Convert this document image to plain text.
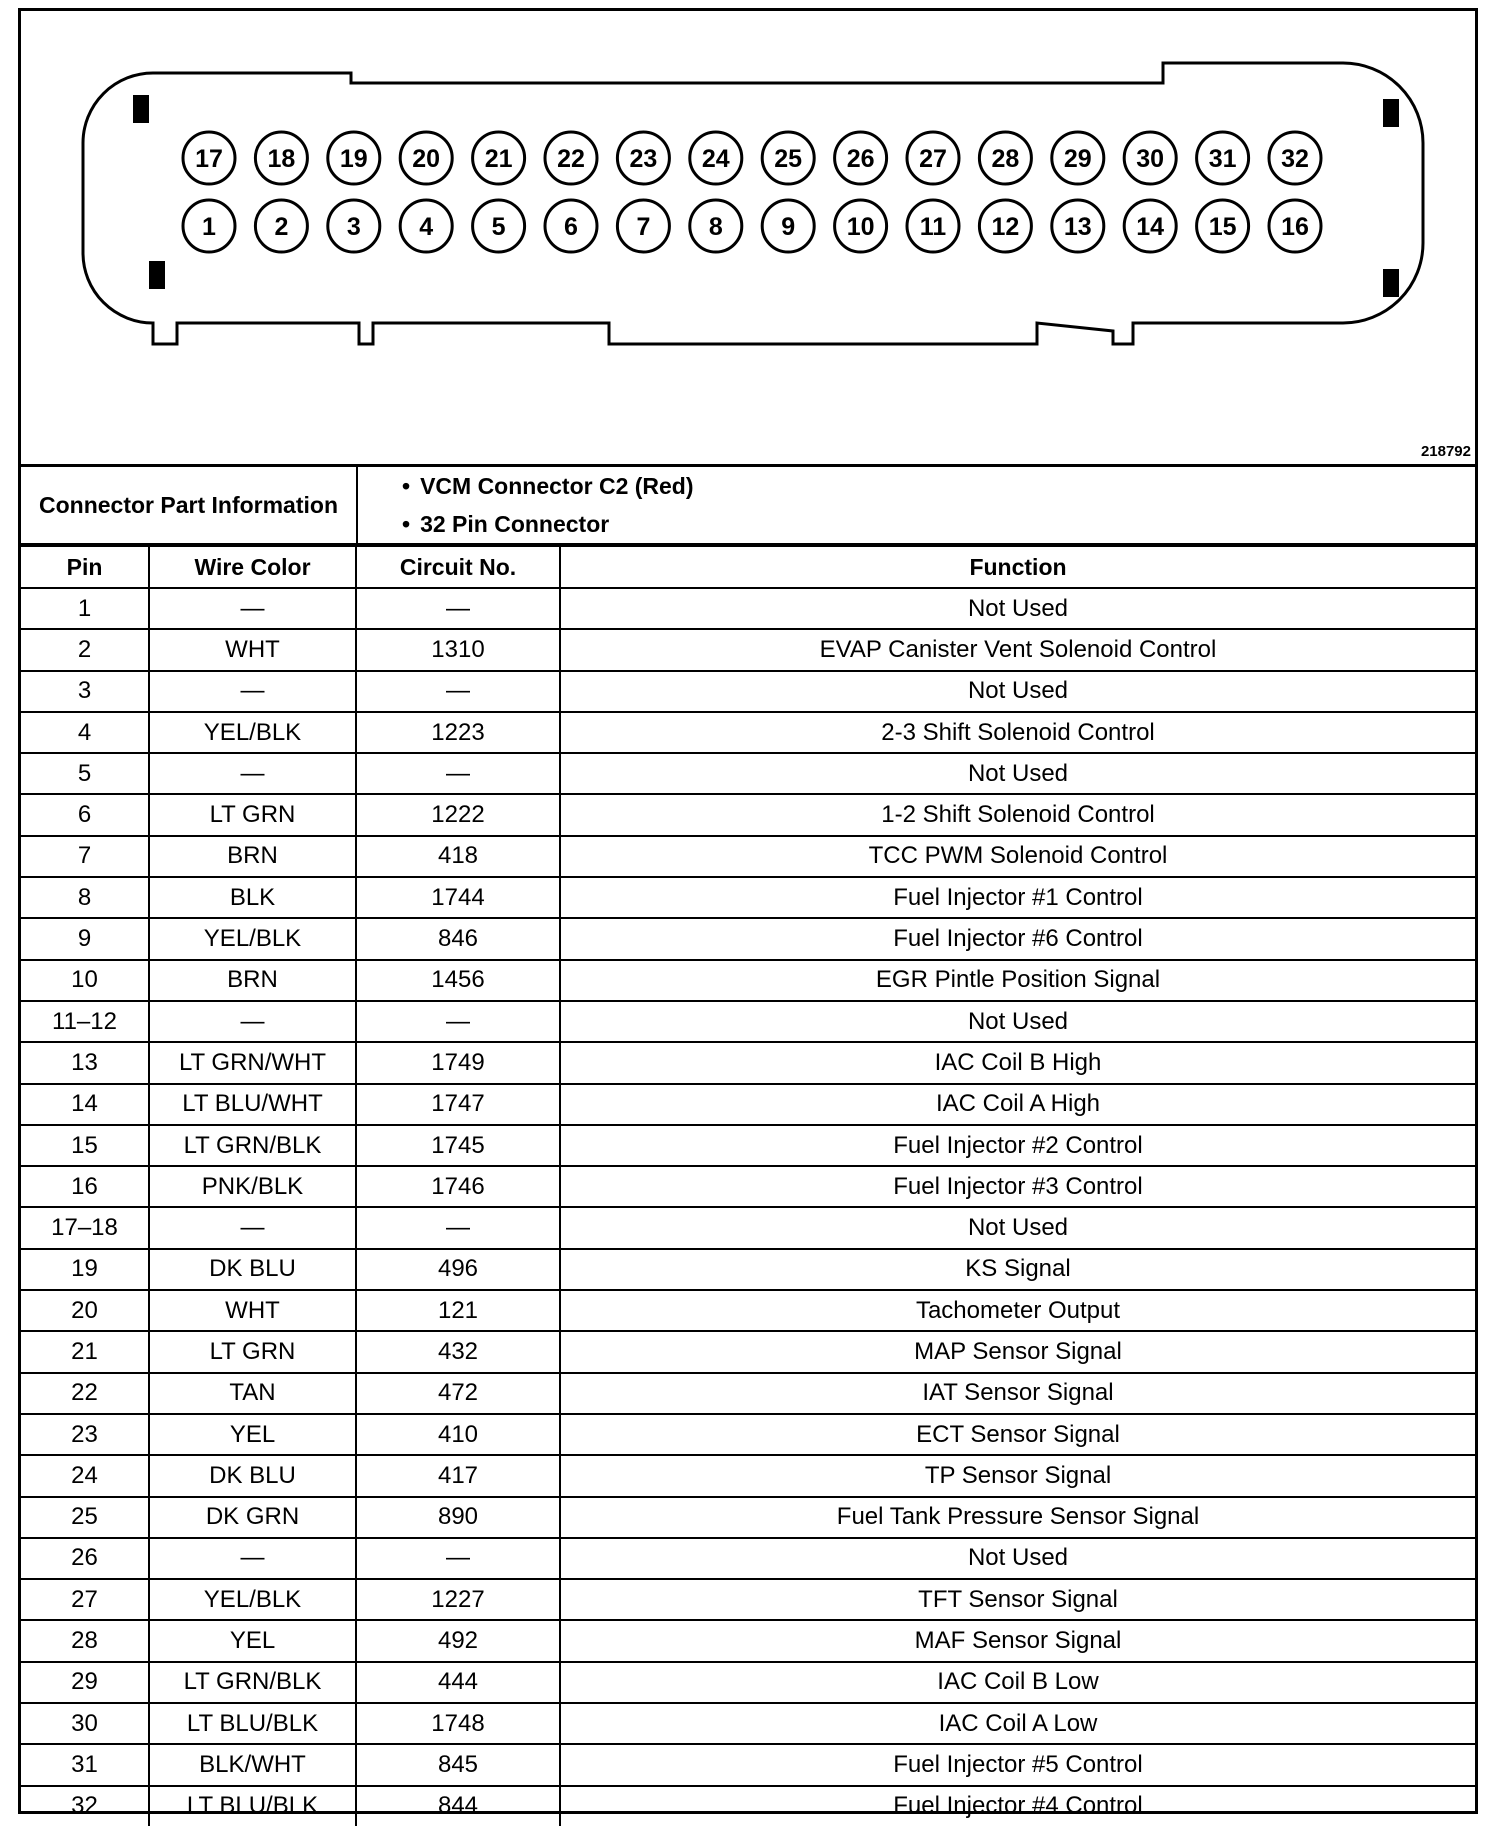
17 18 19 20 21 22 23 24 25 26 27 28 29 30 31 32
1 2 3 4 5 6 7 8 9 10 11 12 13 14 15 16
218792
Connector Part Information	
• VCM Connector C2 (Red)
• 32 Pin Connector
Pin	Wire Color	Circuit No.	Function
1	—	—	Not Used
2	WHT	1310	EVAP Canister Vent Solenoid Control
3	—	—	Not Used
4	YEL/BLK	1223	2-3 Shift Solenoid Control
5	—	—	Not Used
6	LT GRN	1222	1-2 Shift Solenoid Control
7	BRN	418	TCC PWM Solenoid Control
8	BLK	1744	Fuel Injector #1 Control
9	YEL/BLK	846	Fuel Injector #6 Control
10	BRN	1456	EGR Pintle Position Signal
11–12	—	—	Not Used
13	LT GRN/WHT	1749	IAC Coil B High
14	LT BLU/WHT	1747	IAC Coil A High
15	LT GRN/BLK	1745	Fuel Injector #2 Control
16	PNK/BLK	1746	Fuel Injector #3 Control
17–18	—	—	Not Used
19	DK BLU	496	KS Signal
20	WHT	121	Tachometer Output
21	LT GRN	432	MAP Sensor Signal
22	TAN	472	IAT Sensor Signal
23	YEL	410	ECT Sensor Signal
24	DK BLU	417	TP Sensor Signal
25	DK GRN	890	Fuel Tank Pressure Sensor Signal
26	—	—	Not Used
27	YEL/BLK	1227	TFT Sensor Signal
28	YEL	492	MAF Sensor Signal
29	LT GRN/BLK	444	IAC Coil B Low
30	LT BLU/BLK	1748	IAC Coil A Low
31	BLK/WHT	845	Fuel Injector #5 Control
32	LT BLU/BLK	844	Fuel Injector #4 Control
